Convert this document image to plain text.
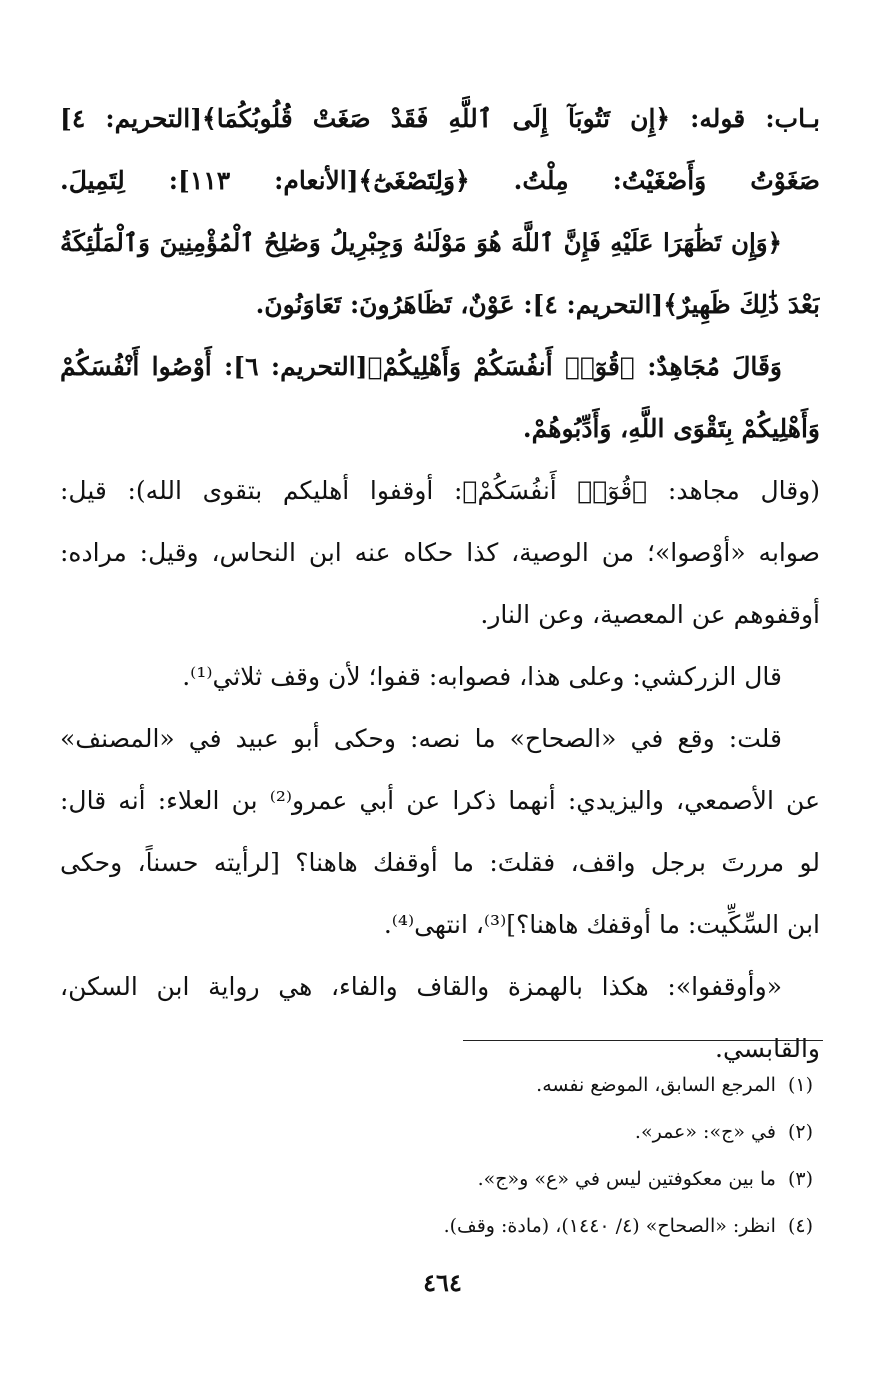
بـاب: قوله: ﴿إِن تَتُوبَآ إِلَى ٱللَّهِ فَقَدْ صَغَتْ قُلُوبُكُمَا﴾[التحريم: ٤]
صَغَوْتُ وَأَصْغَيْتُ: مِلْتُ. ﴿وَلِتَصْغَىٰٓ﴾[الأنعام: ١١٣]: لِتَمِيلَ.
﴿وَإِن تَظَٰهَرَا عَلَيْهِ فَإِنَّ ٱللَّهَ هُوَ مَوْلَىٰهُ وَجِبْرِيلُ وَصَٰلِحُ ٱلْمُؤْمِنِينَ وَٱلْمَلَٰٓئِكَةُ
بَعْدَ ذَٰلِكَ ظَهِيرٌ﴾[التحريم: ٤]: عَوْنٌ، تَظَاهَرُونَ: تَعَاوَنُونَ.
وَقَالَ مُجَاهِدٌ: ﴿قُوٓا۟ أَنفُسَكُمْ وَأَهْلِيكُمْ﴾[التحريم: ٦]: أَوْصُوا أَنْفُسَكُمْ
وَأَهْلِيكُمْ بِتَقْوَى اللَّهِ، وَأَدِّبُوهُمْ.
(وقال مجاهد: ﴿قُوٓا۟ أَنفُسَكُمْ﴾: أوقفوا أهليكم بتقوى الله): قيل:
صوابه «أوْصوا»؛ من الوصية، كذا حكاه عنه ابن النحاس، وقيل: مراده:
أوقفوهم عن المعصية، وعن النار.
قال الزركشي: وعلى هذا، فصوابه: قفوا؛ لأن وقف ثلاثي⁽¹⁾.
قلت: وقع في «الصحاح» ما نصه: وحكى أبو عبيد في «المصنف»
عن الأصمعي، واليزيدي: أنهما ذكرا عن أبي عمرو⁽²⁾ بن العلاء: أنه قال:
لو مررتَ برجل واقف، فقلتَ: ما أوقفك هاهنا؟ [لرأيته حسناً، وحكى
ابن السِّكِّيت: ما أوقفك هاهنا؟]⁽³⁾، انتهى⁽⁴⁾.
«وأوقفوا»: هكذا بالهمزة والقاف والفاء، هي رواية ابن السكن،
والقابسي.
(١)المرجع السابق، الموضع نفسه.
(٢)في «ج»: «عمر».
(٣)ما بين معكوفتين ليس في «ع» و«ج».
(٤)انظر: «الصحاح» (٤/ ١٤٤٠)، (مادة: وقف).
٤٦٤
